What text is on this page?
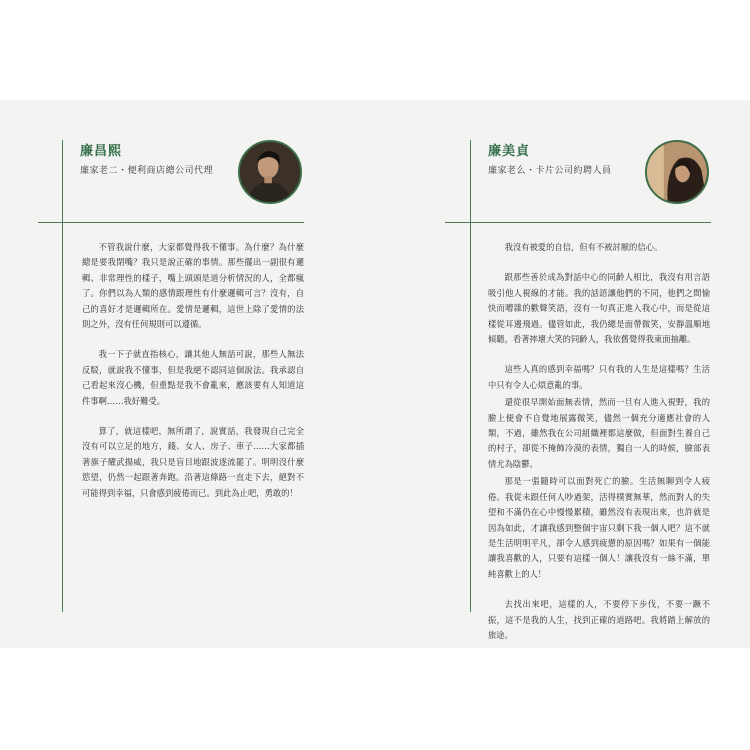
廉昌熙
廉家老二・便利商店總公司代理

不管我說什麼，大家都覺得我不懂事。為什麼？為什麼總是要我閉嘴？我只是說正確的事情。那些擺出一副很有邏輯、非常理性的樣子，嘴上頭頭是道分析情況的人，全都瘋了。你們以為人類的感情跟理性有什麼邏輯可言？沒有，自己的喜好才是邏輯所在。愛情是邏輯，這世上除了愛情的法則之外，沒有任何規則可以遵循。

我一下子就直指核心，讓其他人無話可說，那些人無法反駁，就說我不懂事，但是我絕不認同這個說法。我承認自己看起來沒心機，但重點是我不會亂來，應該要有人知道這件事啊……我好難受。

算了，就這樣吧，無所謂了，說實話，我發現自己完全沒有可以立足的地方，錢、女人、房子、車子……大家都插著旗子耀武揚威，我只是盲目地跟波逐流罷了。明明沒什麼慾望，仍然一起跟著奔跑。沿著這條路一直走下去，絕對不可能得到幸福，只會感到疲倦而已。到此為止吧，勇敢的！

廉美貞
廉家老么・卡片公司約聘人員

我沒有被愛的自信，但有不被討厭的信心。

跟那些善於成為對話中心的同齡人相比，我沒有用言語吸引他人視線的才能。我的話語讓他們的不同，他們之間愉快而嘈雜的歡聲笑語，沒有一句真正進入我心中，而是從這樣從耳邊飛過。儘管如此，我仍總是面帶微笑，安靜溫順地傾聽，看著摔壞大笑的同齡人，我依舊覺得我東面抽離。

這些人真的感到幸福嗎？只有我的人生是這樣嗎？生活中只有令人心煩意亂的事。

還從很早開始面無表情，然而一旦有人進入視野，我的臉上便會不自覺地展露微笑，儘然一個充分適應社會的人類，不過，雖然我在公司組織裡都這麼做，但面對生養自己的村子，卻從不掩飾冷漠的表情，獨自一人的時候，臉部表情尤為陰鬱。

那是一張隨時可以面對死亡的臉。生活無聊到令人疲倦。我從未跟任何人吵過架，活得樸實無華，然而對人的失望和不滿仍在心中慢慢累積，雖然沒有表現出來，也許就是因為如此，才讓我感到整個宇宙只剩下我一個人吧？這不就是生活明明平凡，卻令人感到疲憊的原因嗎？如果有一個能讓我喜歡的人，只要有這樣一個人！讓我沒有一絲不滿，單純喜歡上的人！

去找出來吧，這樣的人，不要停下步伐，不要一蹶不振，這不是我的人生，找到正確的道路吧。我將踏上解放的旅途。
